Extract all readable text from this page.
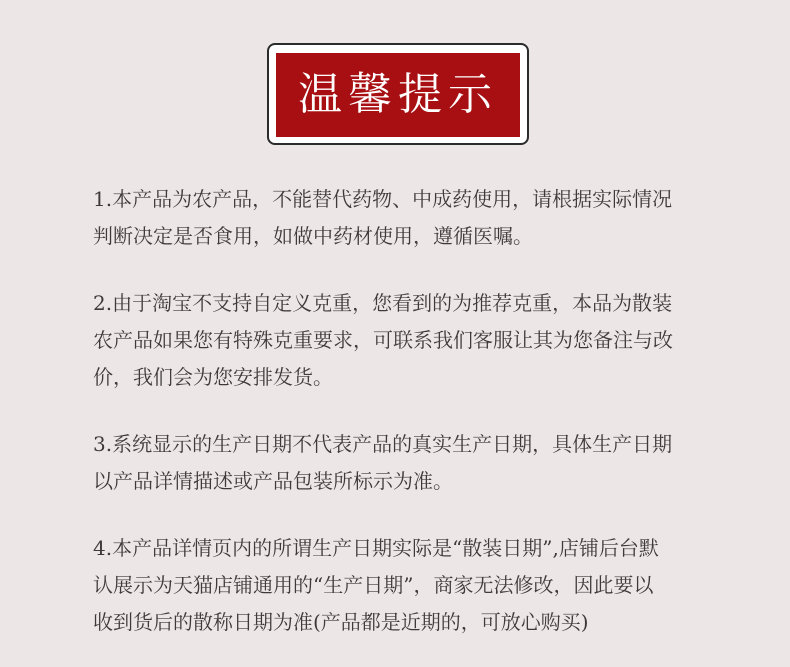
温馨提示

1.本产品为农产品，不能替代药物、中成药使用，请根据实际情况
判断决定是否食用，如做中药材使用，遵循医嘱。

2.由于淘宝不支持自定义克重，您看到的为推荐克重，本品为散装
农产品如果您有特殊克重要求，可联系我们客服让其为您备注与改
价，我们会为您安排发货。

3.系统显示的生产日期不代表产品的真实生产日期，具体生产日期
以产品详情描述或产品包装所标示为准。

4.本产品详情页内的所谓生产日期实际是“散装日期”,店铺后台默
认展示为天猫店铺通用的“生产日期”，商家无法修改，因此要以
收到货后的散称日期为准(产品都是近期的，可放心购买)
